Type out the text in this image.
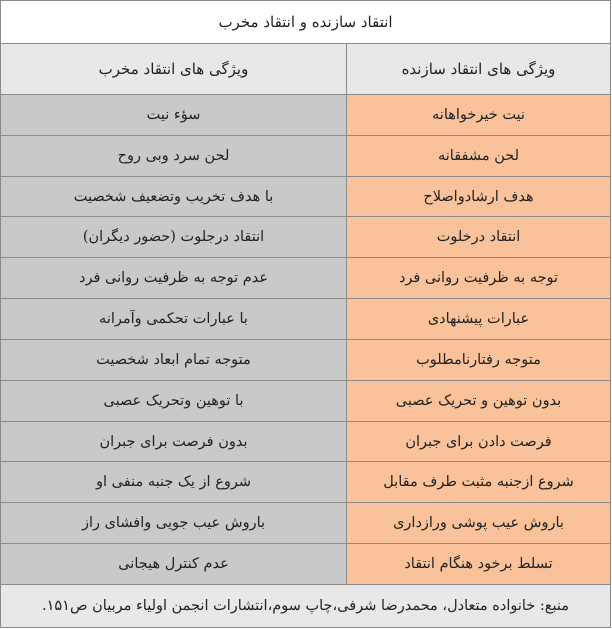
انتقاد سازنده و انتقاد مخرب
ویژگی های انتقاد سازنده
ویژگی های انتقاد مخرب
نیت خیرخواهانه
سؤء نیت
لحن مشفقانه
لحن سرد وبی روح
هدف ارشادواصلاح
با هدف تخریب وتضعیف شخصیت
انتقاد درخلوت
انتقاد درجلوت (حضور دیگران)
توجه به ظرفیت روانی فرد
عدم توجه به ظرفیت روانی فرد
عبارات پیشنهادی
با عبارات تحکمی وآمرانه
متوجه رفتارنامطلوب
متوجه تمام ابعاد شخصیت
بدون توهین و تحریک عصبی
با توهین وتحریک عصبی
فرصت دادن برای جبران
بدون فرصت برای جبران
شروع ازجنبه مثبت طرف مقابل
شروع از یک جنبه منفی او
باروش عیب پوشی ورازداری
باروش عیب جویی وافشای راز
تسلط برخود هنگام انتقاد
عدم کنترل هیجانی
منبع: خانواده متعادل، محمدرضا شرفی،چاپ سوم،انتشارات انجمن اولیاء مربیان ص۱۵۱.
